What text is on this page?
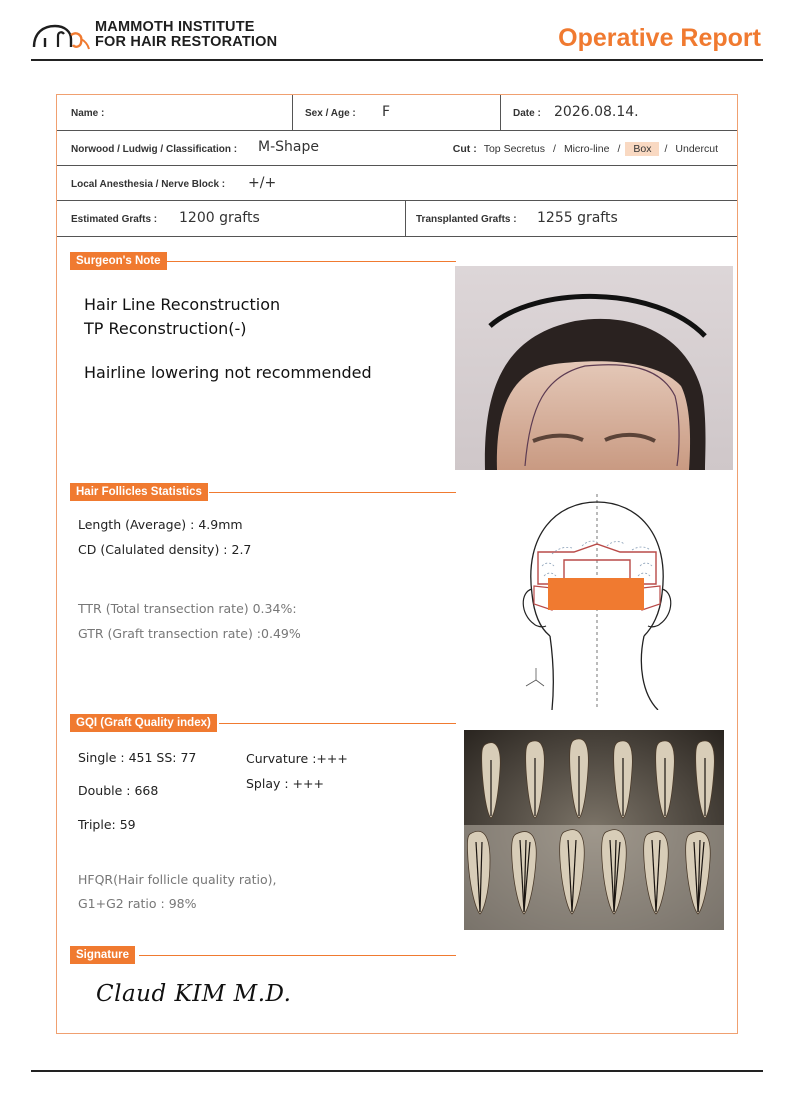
MAMMOTH INSTITUTE
FOR HAIR RESTORATION	Operative Report
Name :	Sex / Age : F	Date : 2026.08.14.
Norwood / Ludwig / Classification : M-Shape	Cut : Top Secretus / Micro-line /	Box	/ Undercut
Local Anesthesia / Nerve Block : +/+
Estimated Grafts : 1200 grafts	Transplanted Grafts : 1255 grafts
Surgeon's Note
Hair Follicles Statistics
GQI (Graft Quality index)
Signature
Hair Line Reconstruction
TP Reconstruction(-)
Hairline lowering not recommended
Length (Average) : 4.9mm
CD (Calulated density) : 2.7
TTR (Total transection rate) 0.34%:
GTR (Graft transection rate) :0.49%
Single : 451 SS: 77	Curvature :+++
Splay : +++
Double : 668
Triple: 59
HFQR(Hair follicle quality ratio),
G1+G2 ratio : 98%
Claud KIM M.D.
